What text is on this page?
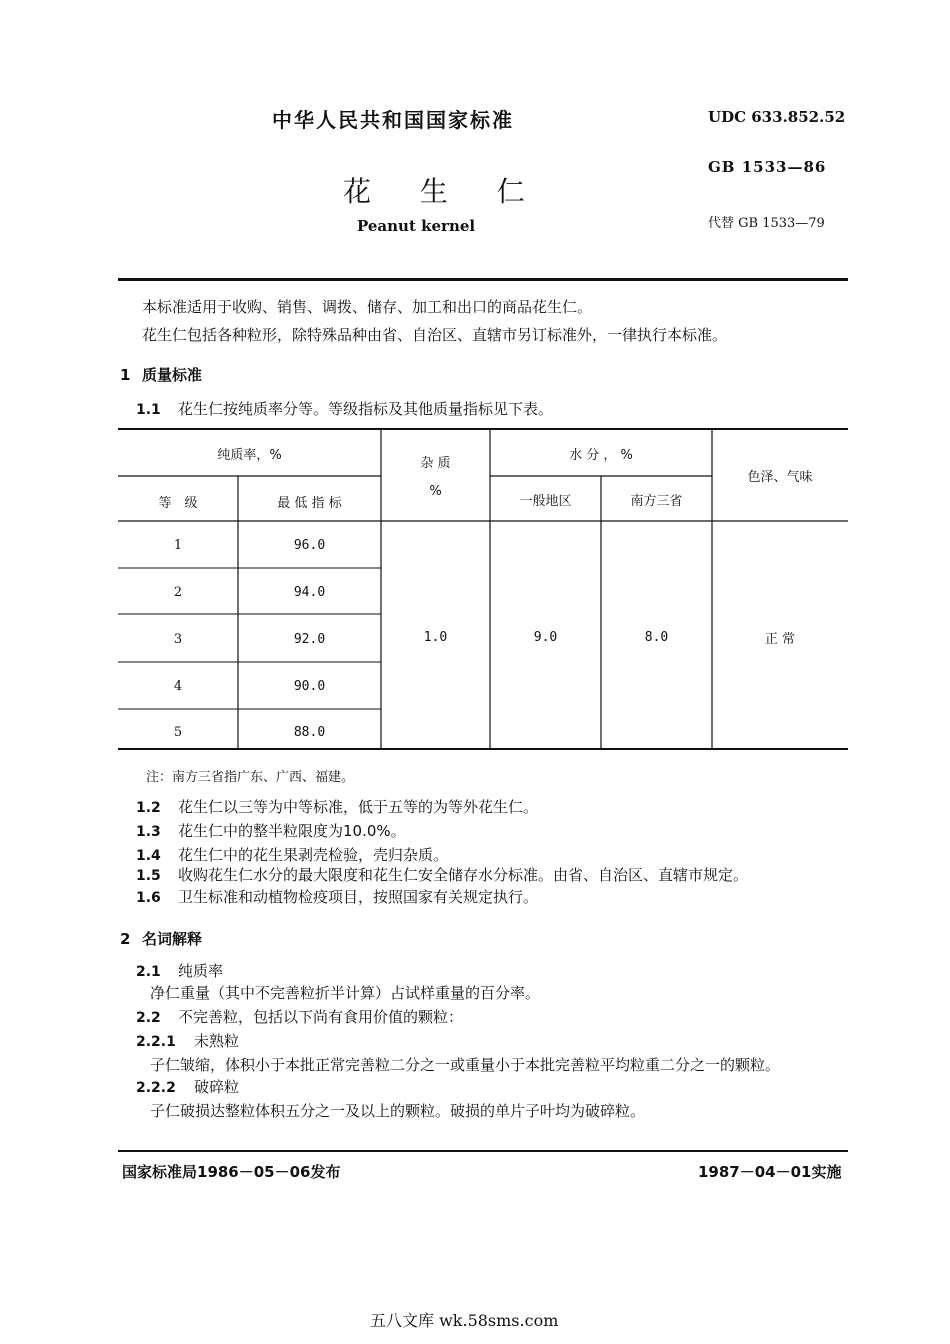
中华人民共和国国家标准	UDC 633.852.52
GB 1533—86
花 生 仁
Peanut kernel	代替 GB 1533—79
本标准适用于收购、销售、调拨、储存、加工和出口的商品花生仁。
花生仁包括各种粒形，除特殊品种由省、自治区、直辖市另订标准外，一律执行本标准。
1 质量标准
1.1 花生仁按纯质率分等。等级指标及其他质量指标见下表。
纯质率，%
等　级	最 低 指 标
杂 质
%
水 分 ， %
一般地区	南方三省
色泽、气味
1	96.0
2	94.0
3	92.0
4	90.0
5	88.0
1.0	9.0	8.0	正 常
注：南方三省指广东、广西、福建。
1.2 花生仁以三等为中等标准，低于五等的为等外花生仁。
1.3 花生仁中的整半粒限度为10.0%。
1.4 花生仁中的花生果剥壳检验，壳归杂质。
1.5 收购花生仁水分的最大限度和花生仁安全储存水分标准。由省、自治区、直辖市规定。
1.6 卫生标准和动植物检疫项目，按照国家有关规定执行。
2 名词解释
2.1 纯质率
净仁重量（其中不完善粒折半计算）占试样重量的百分率。
2.2 不完善粒，包括以下尚有食用价值的颗粒：
2.2.1 未熟粒
子仁皱缩，体积小于本批正常完善粒二分之一或重量小于本批完善粒平均粒重二分之一的颗粒。
2.2.2 破碎粒
子仁破损达整粒体积五分之一及以上的颗粒。破损的单片子叶均为破碎粒。
国家标准局1986－05－06发布	1987－04－01实施
五八文库 wk.58sms.com
